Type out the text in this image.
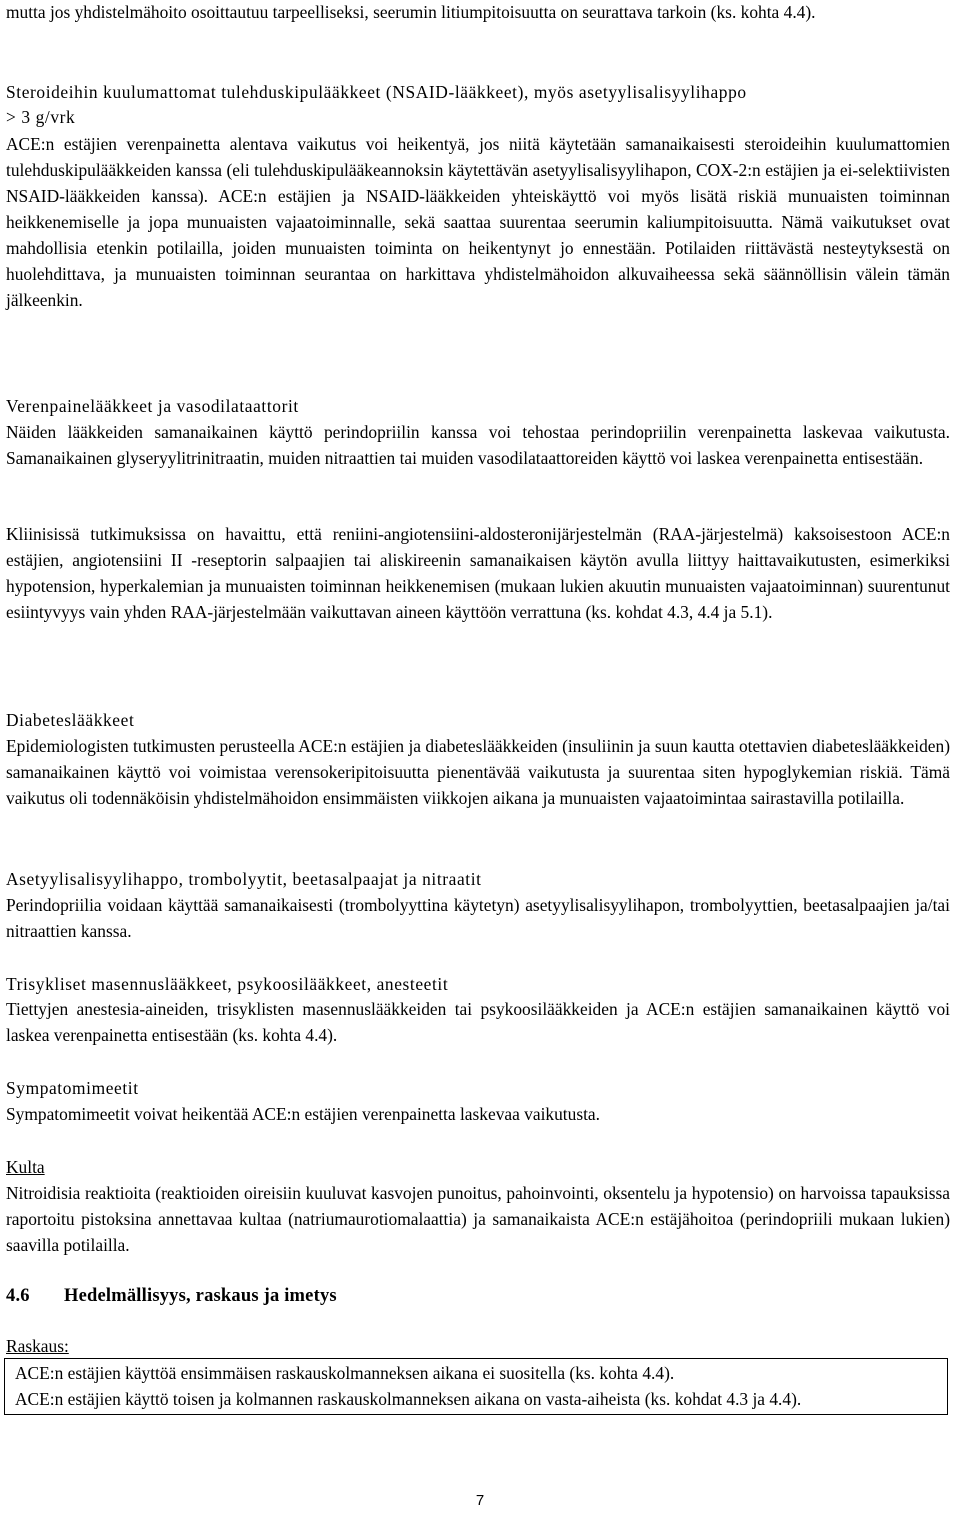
mutta jos yhdistelmähoito osoittautuu tarpeelliseksi, seerumin litiumpitoisuutta on seurattava tarkoin (ks. kohta 4.4).

Steroideihin kuulumattomat tulehduskipulääkkeet (NSAID-lääkkeet), myös asetyylisalisyylihappo

> 3 g/vrk

ACE:n estäjien verenpainetta alentava vaikutus voi heikentyä, jos niitä käytetään samanaikaisesti steroideihin kuulumattomien tulehduskipulääkkeiden kanssa (eli tulehduskipulääkeannoksin käytettävän asetyylisalisyylihapon, COX-2:n estäjien ja ei-selektiivisten NSAID-lääkkeiden kanssa). ACE:n estäjien ja NSAID-lääkkeiden yhteiskäyttö voi myös lisätä riskiä munuaisten toiminnan heikkenemiselle ja jopa munuaisten vajaatoiminnalle, sekä saattaa suurentaa seerumin kaliumpitoisuutta. Nämä vaikutukset ovat mahdollisia etenkin potilailla, joiden munuaisten toiminta on heikentynyt jo ennestään. Potilaiden riittävästä nesteytyksestä on huolehdittava, ja munuaisten toiminnan seurantaa on harkittava yhdistelmähoidon alkuvaiheessa sekä säännöllisin välein tämän jälkeenkin.

Verenpainelääkkeet ja vasodilataattorit

Näiden lääkkeiden samanaikainen käyttö perindopriilin kanssa voi tehostaa perindopriilin verenpainetta laskevaa vaikutusta. Samanaikainen glyseryylitrinitraatin, muiden nitraattien tai muiden vasodilataattoreiden käyttö voi laskea verenpainetta entisestään.

Kliinisissä tutkimuksissa on havaittu, että reniini-angiotensiini-aldosteronijärjestelmän (RAA-järjestelmä) kaksoisestoon ACE:n estäjien, angiotensiini II -reseptorin salpaajien tai aliskireenin samanaikaisen käytön avulla liittyy haittavaikutusten, esimerkiksi hypotension, hyperkalemian ja munuaisten toiminnan heikkenemisen (mukaan lukien akuutin munuaisten vajaatoiminnan) suurentunut esiintyvyys vain yhden RAA-järjestelmään vaikuttavan aineen käyttöön verrattuna (ks. kohdat 4.3, 4.4 ja 5.1).

Diabeteslääkkeet

Epidemiologisten tutkimusten perusteella ACE:n estäjien ja diabeteslääkkeiden (insuliinin ja suun kautta otettavien diabeteslääkkeiden) samanaikainen käyttö voi voimistaa verensokeripitoisuutta pienentävää vaikutusta ja suurentaa siten hypoglykemian riskiä. Tämä vaikutus oli todennäköisin yhdistelmähoidon ensimmäisten viikkojen aikana ja munuaisten vajaatoimintaa sairastavilla potilailla.

Asetyylisalisyylihappo, trombolyytit, beetasalpaajat ja nitraatit

Perindopriilia voidaan käyttää samanaikaisesti (trombolyyttina käytetyn) asetyylisalisyylihapon, trombolyyttien, beetasalpaajien ja/tai nitraattien kanssa.

Trisykliset masennuslääkkeet, psykoosilääkkeet, anesteetit

Tiettyjen anestesia-aineiden, trisyklisten masennuslääkkeiden tai psykoosilääkkeiden ja ACE:n estäjien samanaikainen käyttö voi laskea verenpainetta entisestään (ks. kohta 4.4).

Sympatomimeetit

Sympatomimeetit voivat heikentää ACE:n estäjien verenpainetta laskevaa vaikutusta.

Kulta

Nitroidisia reaktioita (reaktioiden oireisiin kuuluvat kasvojen punoitus, pahoinvointi, oksentelu ja hypotensio) on harvoissa tapauksissa raportoitu pistoksina annettavaa kultaa (natriumaurotiomalaattia) ja samanaikaista ACE:n estäjähoitoa (perindopriili mukaan lukien) saavilla potilailla.

4.6 Hedelmällisyys, raskaus ja imetys

Raskaus:

ACE:n estäjien käyttöä ensimmäisen raskauskolmanneksen aikana ei suositella (ks. kohta 4.4).

ACE:n estäjien käyttö toisen ja kolmannen raskauskolmanneksen aikana on vasta-aiheista (ks. kohdat 4.3 ja 4.4).

7
